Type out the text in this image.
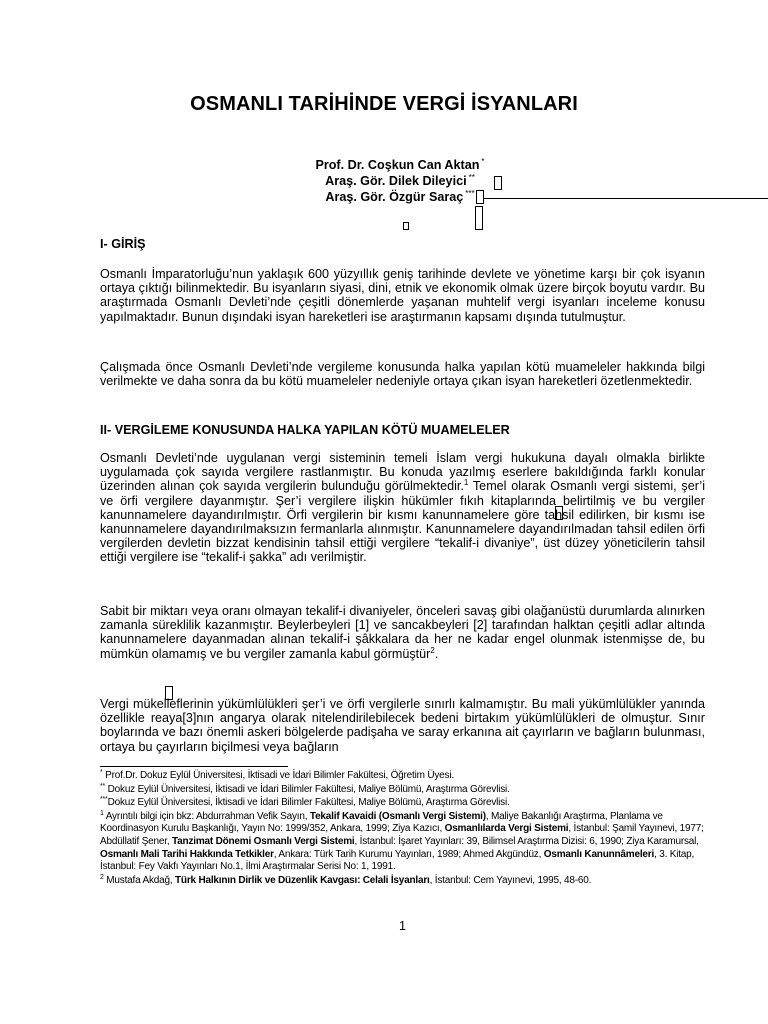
OSMANLI TARİHİNDE VERGİ İSYANLARI
Prof. Dr. Coşkun Can Aktan *
Araş. Gör. Dilek Dileyici **
Araş. Gör. Özgür Saraç ***
I- GİRİŞ

Osmanlı İmparatorluğu’nun yaklaşık 600 yüzyıllık geniş tarihinde devlete ve yönetime karşı bir çok isyanın ortaya çıktığı bilinmektedir. Bu isyanların siyasi, dini, etnik ve ekonomik olmak üzere birçok boyutu vardır. Bu araştırmada Osmanlı Devleti’nde çeşitli dönemlerde yaşanan muhtelif vergi isyanları inceleme konusu yapılmaktadır. Bunun dışındaki isyan hareketleri ise araştırmanın kapsamı dışında tutulmuştur.

Çalışmada önce Osmanlı Devleti’nde vergileme konusunda halka yapılan kötü muameleler hakkında bilgi verilmekte ve daha sonra da bu kötü muameleler nedeniyle ortaya çıkan isyan hareketleri özetlenmektedir.

II- VERGİLEME KONUSUNDA HALKA YAPILAN KÖTÜ MUAMELELER

Osmanlı Devleti’nde uygulanan vergi sisteminin temeli İslam vergi hukukuna dayalı olmakla birlikte uygulamada çok sayıda vergilere rastlanmıştır. Bu konuda yazılmış eserlere bakıldığında farklı konular üzerinden alınan çok sayıda vergilerin bulunduğu görülmektedir.$^1$ Temel olarak Osmanlı vergi sistemi, şer’i ve örfi vergilere dayanmıştır. Şer’i vergilere ilişkin hükümler fıkıh kitaplarında belirtilmiş ve bu vergiler kanunnamelere dayandırılmıştır. Örfi vergilerin bir kısmı kanunnamelere göre tahsil edilirken, bir kısmı ise kanunnamelere dayandırılmaksızın fermanlarla alınmıştır. Kanunnamelere dayandırılmadan tahsil edilen örfi vergilerden devletin bizzat kendisinin tahsil ettiği vergilere “tekalif-i divaniye”, üst düzey yöneticilerin tahsil ettiği vergilere ise “tekalif-i şakka” adı verilmiştir.

Sabit bir miktarı veya oranı olmayan tekalif-i divaniyeler, önceleri savaş gibi olağanüstü durumlarda alınırken zamanla süreklilik kazanmıştır. Beylerbeyleri [1] ve sancakbeyleri [2] tarafından halktan çeşitli adlar altında kanunnamelere dayanmadan alınan tekalif-i şâkkalara da her ne kadar engel olunmak istenmişse de, bu mümkün olamamış ve bu vergiler zamanla kabul görmüştür$^2$.

Vergi mükelleflerinin yükümlülükleri şer’i ve örfi vergilerle sınırlı kalmamıştır. Bu mali yükümlülükler yanında özellikle reaya[3]nın angarya olarak nitelendirilebilecek bedeni birtakım yükümlülükleri de olmuştur. Sınır boylarında ve bazı önemli askeri bölgelerde padişaha ve saray erkanına ait çayırların ve bağların bulunması, ortaya bu çayırların biçilmesi veya bağların

* Prof.Dr. Dokuz Eylül Üniversitesi, İktisadi ve İdari Bilimler Fakültesi, Öğretim Üyesi.

** Dokuz Eylül Üniversitesi, İktisadi ve İdari Bilimler Fakültesi, Maliye Bölümü, Araştırma Görevlisi.

***Dokuz Eylül Üniversitesi, İktisadi ve İdari Bilimler Fakültesi, Maliye Bölümü, Araştırma Görevlisi.

$^1$ Ayrıntılı bilgi için bkz: Abdurrahman Vefik Sayın, Tekalif Kavaidi (Osmanlı Vergi Sistemi), Maliye Bakanlığı Araştırma, Planlama ve Koordinasyon Kurulu Başkanlığı, Yayın No: 1999/352, Ankara, 1999; Ziya Kazıcı, Osmanlılarda Vergi Sistemi, İstanbul: Şamil Yayınevi, 1977; Abdüllatif Şener, Tanzimat Dönemi Osmanlı Vergi Sistemi, İstanbul: İşaret Yayınları: 39, Bilimsel Araştırma Dizisi: 6, 1990; Ziya Karamursal, Osmanlı Mali Tarihi Hakkında Tetkikler, Ankara: Türk Tarih Kurumu Yayınları, 1989; Ahmed Akgündüz, Osmanlı Kanunnâmeleri, 3. Kitap, İstanbul: Fey Vakfı Yayınları No.1, İlmi Araştırmalar Serisi No: 1, 1991.

$^2$ Mustafa Akdağ, Türk Halkının Dirlik ve Düzenlik Kavgası: Celali İsyanları, İstanbul: Cem Yayınevi, 1995, 48-60.

1
